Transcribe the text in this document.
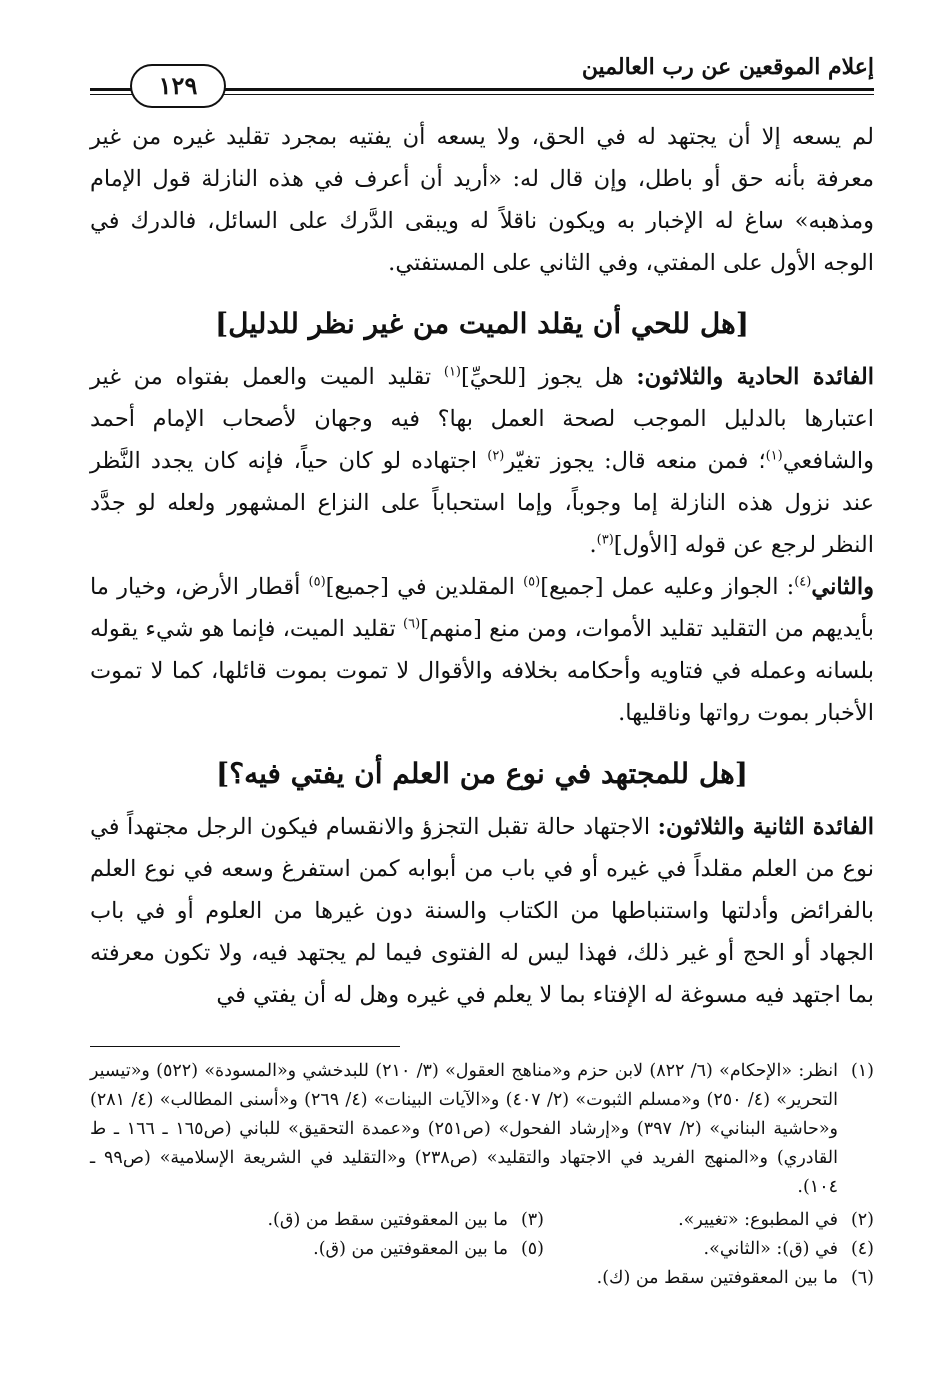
إعلام الموقعين عن رب العالمين
١٢٩

لم يسعه إلا أن يجتهد له في الحق، ولا يسعه أن يفتيه بمجرد تقليد غيره من غير معرفة بأنه حق أو باطل، وإن قال له: «أريد أن أعرف في هذه النازلة قول الإمام ومذهبه» ساغ له الإخبار به ويكون ناقلاً له ويبقى الدَّرك على السائل، فالدرك في الوجه الأول على المفتي، وفي الثاني على المستفتي.

[هل للحي أن يقلد الميت من غير نظر للدليل]

الفائدة الحادية والثلاثون: هل يجوز [للحيِّ]$^{(١)}$ تقليد الميت والعمل بفتواه من غير اعتبارها بالدليل الموجب لصحة العمل بها؟ فيه وجهان لأصحاب الإمام أحمد والشافعي$^{(١)}$؛ فمن منعه قال: يجوز تغيّر$^{(٢)}$ اجتهاده لو كان حياً، فإنه كان يجدد النَّظر عند نزول هذه النازلة إما وجوباً، وإما استحباباً على النزاع المشهور ولعله لو جدَّد النظر لرجع عن قوله [الأول]$^{(٣)}$.

والثاني$^{(٤)}$: الجواز وعليه عمل [جميع]$^{(٥)}$ المقلدين في [جميع]$^{(٥)}$ أقطار الأرض، وخيار ما بأيديهم من التقليد تقليد الأموات، ومن منع [منهم]$^{(٦)}$ تقليد الميت، فإنما هو شيء يقوله بلسانه وعمله في فتاويه وأحكامه بخلافه والأقوال لا تموت بموت قائلها، كما لا تموت الأخبار بموت رواتها وناقليها.

[هل للمجتهد في نوع من العلم أن يفتي فيه؟]

الفائدة الثانية والثلاثون: الاجتهاد حالة تقبل التجزؤ والانقسام فيكون الرجل مجتهداً في نوع من العلم مقلداً في غيره أو في باب من أبوابه كمن استفرغ وسعه في نوع العلم بالفرائض وأدلتها واستنباطها من الكتاب والسنة دون غيرها من العلوم أو في باب الجهاد أو الحج أو غير ذلك، فهذا ليس له الفتوى فيما لم يجتهد فيه، ولا تكون معرفته بما اجتهد فيه مسوغة له الإفتاء بما لا يعلم في غيره وهل له أن يفتي في

(١)
انظر: «الإحكام» (٦/ ٨٢٢) لابن حزم و«مناهج العقول» (٣/ ٢١٠) للبدخشي و«المسودة» (٥٢٢) و«تيسير التحرير» (٤/ ٢٥٠) و«مسلم الثبوت» (٢/ ٤٠٧) و«الآيات البينات» (٤/ ٢٦٩) و«أسنى المطالب» (٤/ ٢٨١) و«حاشية البناني» (٢/ ٣٩٧) و«إرشاد الفحول» (ص٢٥١) و«عمدة التحقيق» للباني (ص١٦٥ ـ ١٦٦ ـ ط القادري) و«المنهج الفريد في الاجتهاد والتقليد» (ص٢٣٨) و«التقليد في الشريعة الإسلامية» (ص٩٩ ـ ١٠٤).
(٢)
في المطبوع: «تغيير».
(٣)
ما بين المعقوفتين سقط من (ق).
(٤)
في (ق): «الثاني».
(٥)
ما بين المعقوفتين من (ق).
(٦)
ما بين المعقوفتين سقط من (ك).
